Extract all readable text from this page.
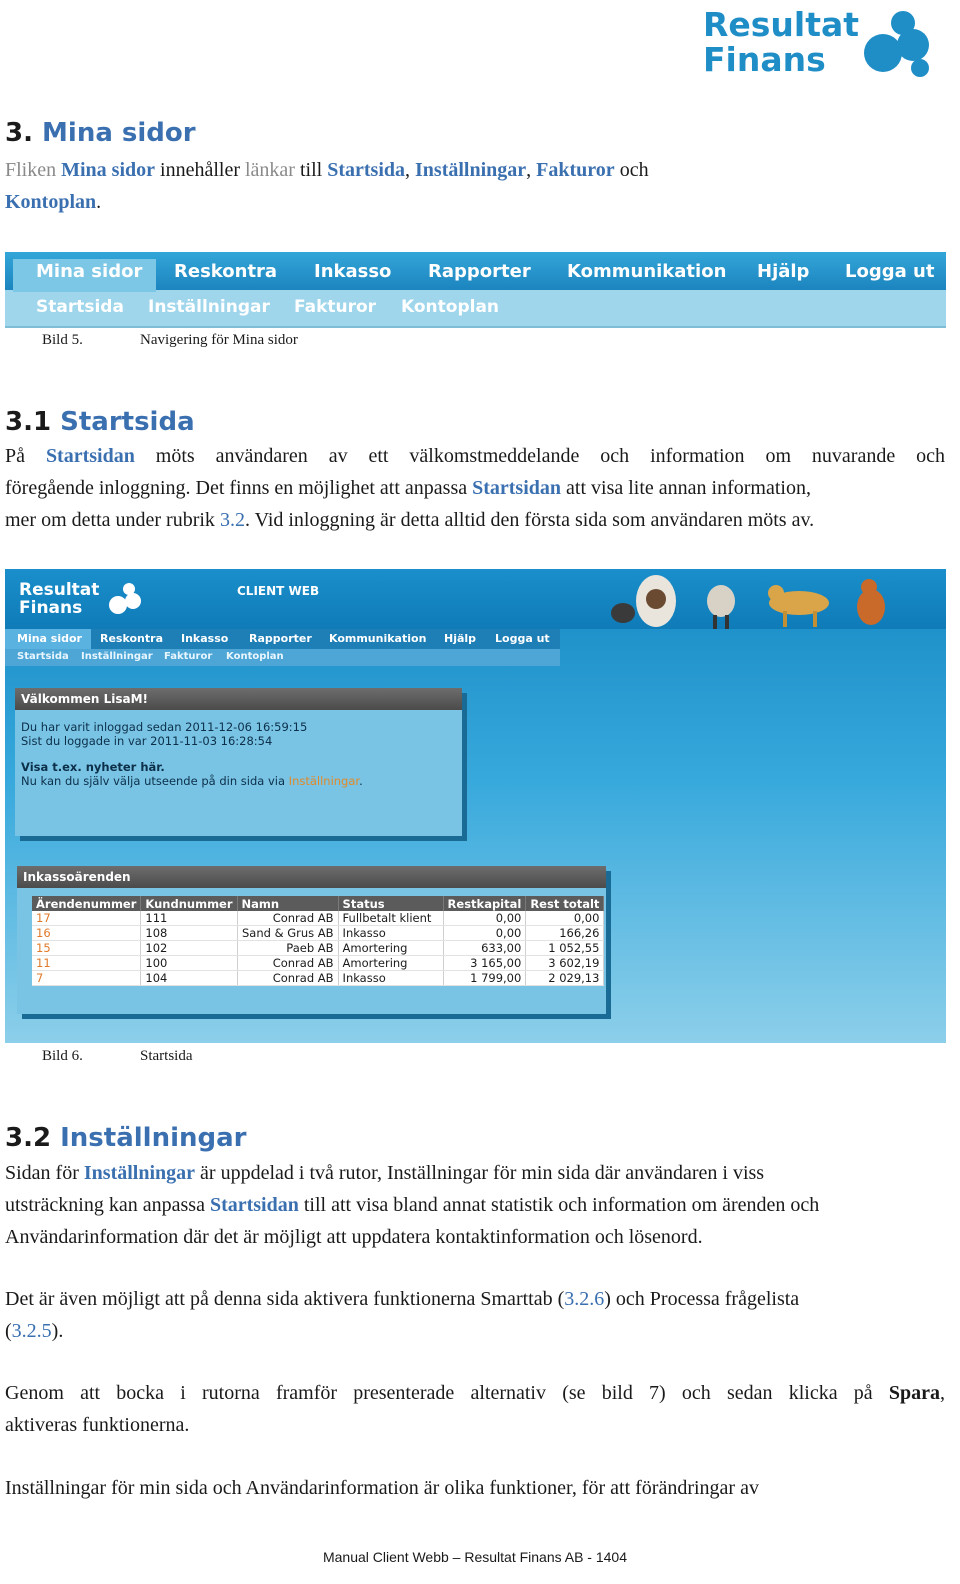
Resultat
Finans
3. Mina sidor

Fliken Mina sidor innehåller länkar till Startsida, Inställningar, Fakturor och
Kontoplan.

Mina sidor Reskontra Inkasso Rapporter Kommunikation Hjälp Logga ut
Startsida Inställningar Fakturor Kontoplan
Bild 5.	Navigering för Mina sidor
3.1 Startsida

På Startsidan möts användaren av ett välkomstmeddelande och information om nuvarande och

föregående inloggning. Det finns en möjlighet att anpassa Startsidan att visa lite annan information,

mer om detta under rubrik 3.2. Vid inloggning är detta alltid den första sida som användaren möts av.

Resultat
Finans
CLIENT WEB
Mina sidor Reskontra Inkasso Rapporter Kommunikation Hjälp Logga ut
Startsida Inställningar Fakturor Kontoplan
Välkommen LisaM!
Du har varit inloggad sedan 2011-12-06 16:59:15
Sist du loggade in var 2011-11-03 16:28:54
Visa t.ex. nyheter här.
Nu kan du själv välja utseende på din sida via Inställningar.
Inkassoärenden
Ärendenummer	Kundnummer	Namn	Status	Restkapital	Rest totalt
17	111	Conrad AB	Fullbetalt klient	0,00	0,00
16	108	Sand & Grus AB	Inkasso	0,00	166,26
15	102	Paeb AB	Amortering	633,00	1 052,55
11	100	Conrad AB	Amortering	3 165,00	3 602,19
7	104	Conrad AB	Inkasso	1 799,00	2 029,13
Bild 6.	Startsida
3.2 Inställningar

Sidan för Inställningar är uppdelad i två rutor, Inställningar för min sida där användaren i viss
utsträckning kan anpassa Startsidan till att visa bland annat statistik och information om ärenden och
Användarinformation där det är möjligt att uppdatera kontaktinformation och lösenord.

Det är även möjligt att på denna sida aktivera funktionerna Smarttab (3.2.6) och Processa frågelista
(3.2.5).

Genom att bocka i rutorna framför presenterade alternativ (se bild 7) och sedan klicka på Spara,

aktiveras funktionerna.

Inställningar för min sida och Användarinformation är olika funktioner, för att förändringar av

Manual Client Webb – Resultat Finans AB - 1404
